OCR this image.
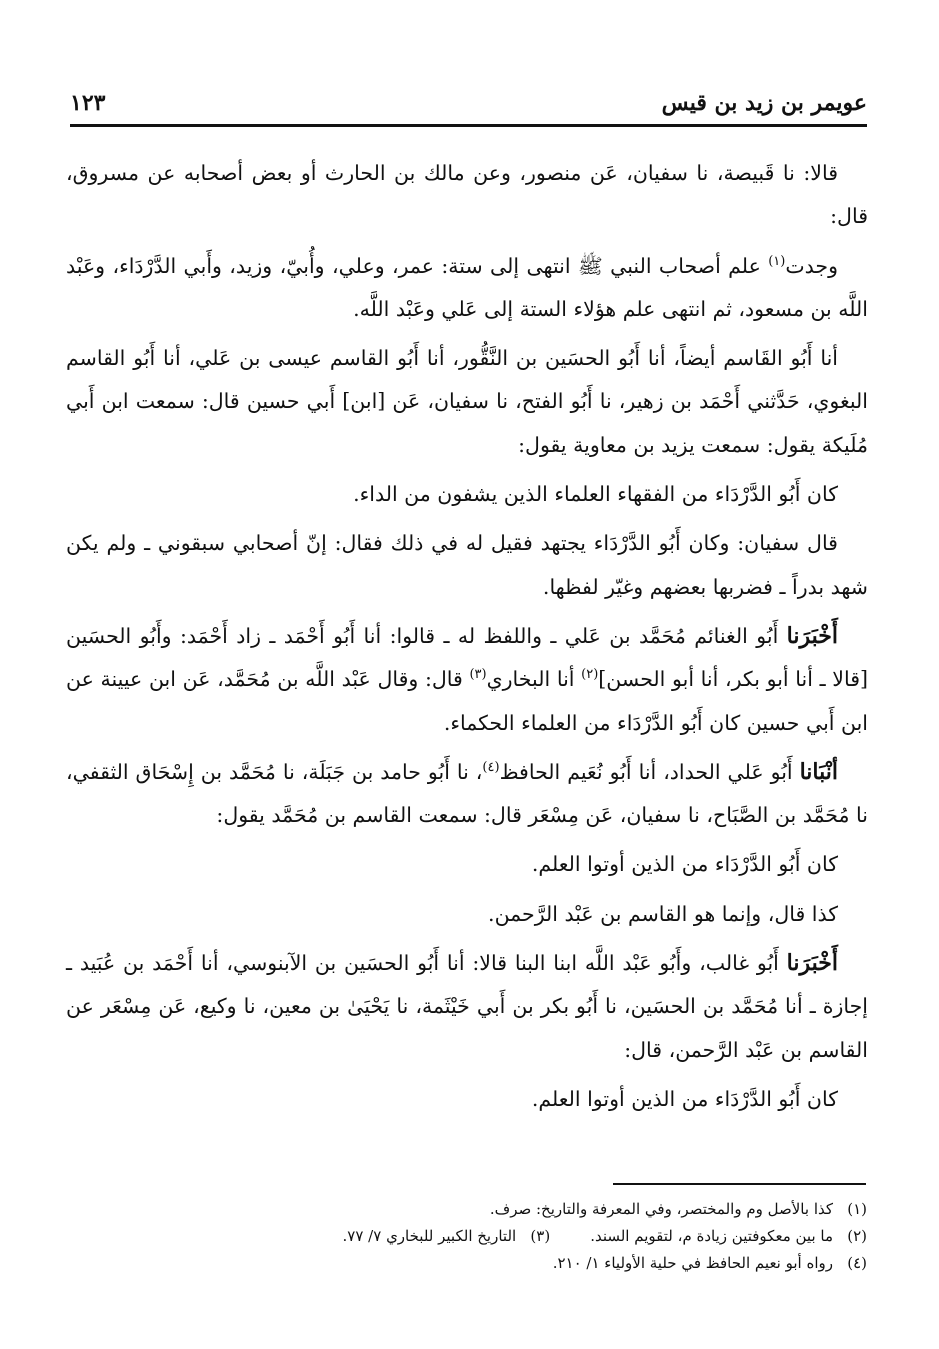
عويمر بن زيد بن قيس
١٢٣

قالا: نا قَبيصة، نا سفيان، عَن منصور، وعن مالك بن الحارث أو بعض أصحابه عن مسروق، قال:

وجدت$^{(١)}$ علم أصحاب النبي ﷺ انتهى إلى ستة: عمر، وعلي، وأُبيّ، وزيد، وأَبي الدَّرْدَاء، وعَبْد اللَّه بن مسعود، ثم انتهى علم هؤلاء الستة إلى عَلي وعَبْد اللَّه.

أنا أَبُو القَاسم أيضاً، أنا أَبُو الحسَين بن النَّقُّور، أنا أَبُو القاسم عيسى بن عَلي، أنا أَبُو القاسم البغوي، حَدَّثني أَحْمَد بن زهير، نا أَبُو الفتح، نا سفيان، عَن [ابن] أَبي حسين قال: سمعت ابن أَبي مُلَيكة يقول: سمعت يزيد بن معاوية يقول:

كان أَبُو الدَّرْدَاء من الفقهاء العلماء الذين يشفون من الداء.

قال سفيان: وكان أَبُو الدَّرْدَاء يجتهد فقيل له في ذلك فقال: إنّ أصحابي سبقوني ـ ولم يكن شهد بدراً ـ فضربها بعضهم وغيّر لفظها.

أَخْبَرَنا أَبُو الغنائم مُحَمَّد بن عَلي ـ واللفظ له ـ قالوا: أنا أَبُو أَحْمَد ـ زاد أَحْمَد: وأَبُو الحسَين [قالا ـ أنا أبو بكر، أنا أبو الحسن]$^{(٢)}$ أنا البخاري$^{(٣)}$ قال: وقال عَبْد اللَّه بن مُحَمَّد، عَن ابن عيينة عن ابن أَبي حسين كان أَبُو الدَّرْدَاء من العلماء الحكماء.

أنْبَانا أَبُو عَلي الحداد، أنا أَبُو نُعَيم الحافظ$^{(٤)}$، نا أَبُو حامد بن جَبَلَة، نا مُحَمَّد بن إِسْحَاق الثقفي، نا مُحَمَّد بن الصَّبَاح، نا سفيان، عَن مِسْعَر قال: سمعت القاسم بن مُحَمَّد يقول:

كان أَبُو الدَّرْدَاء من الذين أوتوا العلم.

كذا قال، وإنما هو القاسم بن عَبْد الرَّحمن.

أَخْبَرَنا أَبُو غالب، وأَبُو عَبْد اللَّه ابنا البنا قالا: أنا أَبُو الحسَين بن الآبنوسي، أنا أَحْمَد بن عُبَيد ـ إجازة ـ أنا مُحَمَّد بن الحسَين، نا أَبُو بكر بن أَبي خَيْثَمة، نا يَحْيَىٰ بن معين، نا وكيع، عَن مِسْعَر عن القاسم بن عَبْد الرَّحمن، قال:

كان أَبُو الدَّرْدَاء من الذين أوتوا العلم.

(١)كذا بالأصل وم والمختصر، وفي المعرفة والتاريخ: صرف.
(٢)ما بين معكوفتين زيادة م، لتقويم السند.(٣)التاريخ الكبير للبخاري ٧/ ٧٧.
(٤)رواه أبو نعيم الحافظ في حلية الأولياء ١/ ٢١٠.
